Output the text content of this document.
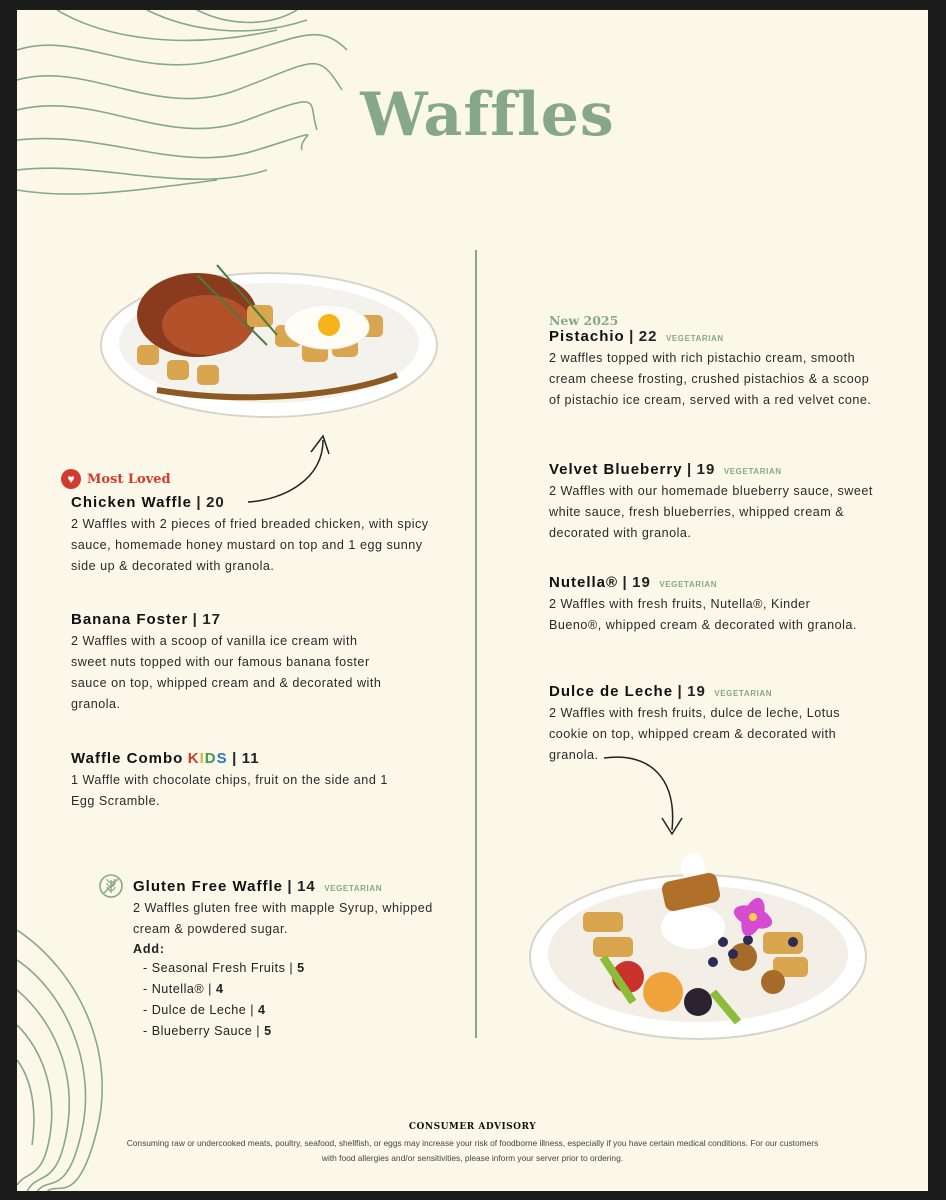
Waffles
♥ Most Loved
Chicken Waffle | 20
2 Waffles with 2 pieces of fried breaded chicken, with spicy sauce, homemade honey mustard on top and 1 egg sunny side up & decorated with granola.
Banana Foster | 17
2 Waffles with a scoop of vanilla ice cream with sweet nuts topped with our famous banana foster sauce on top, whipped cream and & decorated with granola.
Waffle Combo KIDS | 11
1 Waffle with chocolate chips, fruit on the side and 1 Egg Scramble.
Gluten Free Waffle | 14 VEGETARIAN
2 Waffles gluten free with mapple Syrup, whipped cream & powdered sugar.
Add:
- Seasonal Fresh Fruits | 5
- Nutella® | 4
- Dulce de Leche | 4
- Blueberry Sauce | 5
New 2025
Pistachio | 22 VEGETARIAN
2 waffles topped with rich pistachio cream, smooth cream cheese frosting, crushed pistachios & a scoop of pistachio ice cream, served with a red velvet cone.
Velvet Blueberry | 19 VEGETARIAN
2 Waffles with our homemade blueberry sauce, sweet white sauce, fresh blueberries, whipped cream & decorated with granola.
Nutella® | 19 VEGETARIAN
2 Waffles with fresh fruits, Nutella®, Kinder Bueno®, whipped cream & decorated with granola.
Dulce de Leche | 19 VEGETARIAN
2 Waffles with fresh fruits, dulce de leche, Lotus cookie on top, whipped cream & decorated with granola.
CONSUMER ADVISORY
Consuming raw or undercooked meats, poultry, seafood, shellfish, or eggs may increase your risk of foodborne illness, especially if you have certain medical conditions. For our customers with food allergies and/or sensitivities, please inform your server prior to ordering.
